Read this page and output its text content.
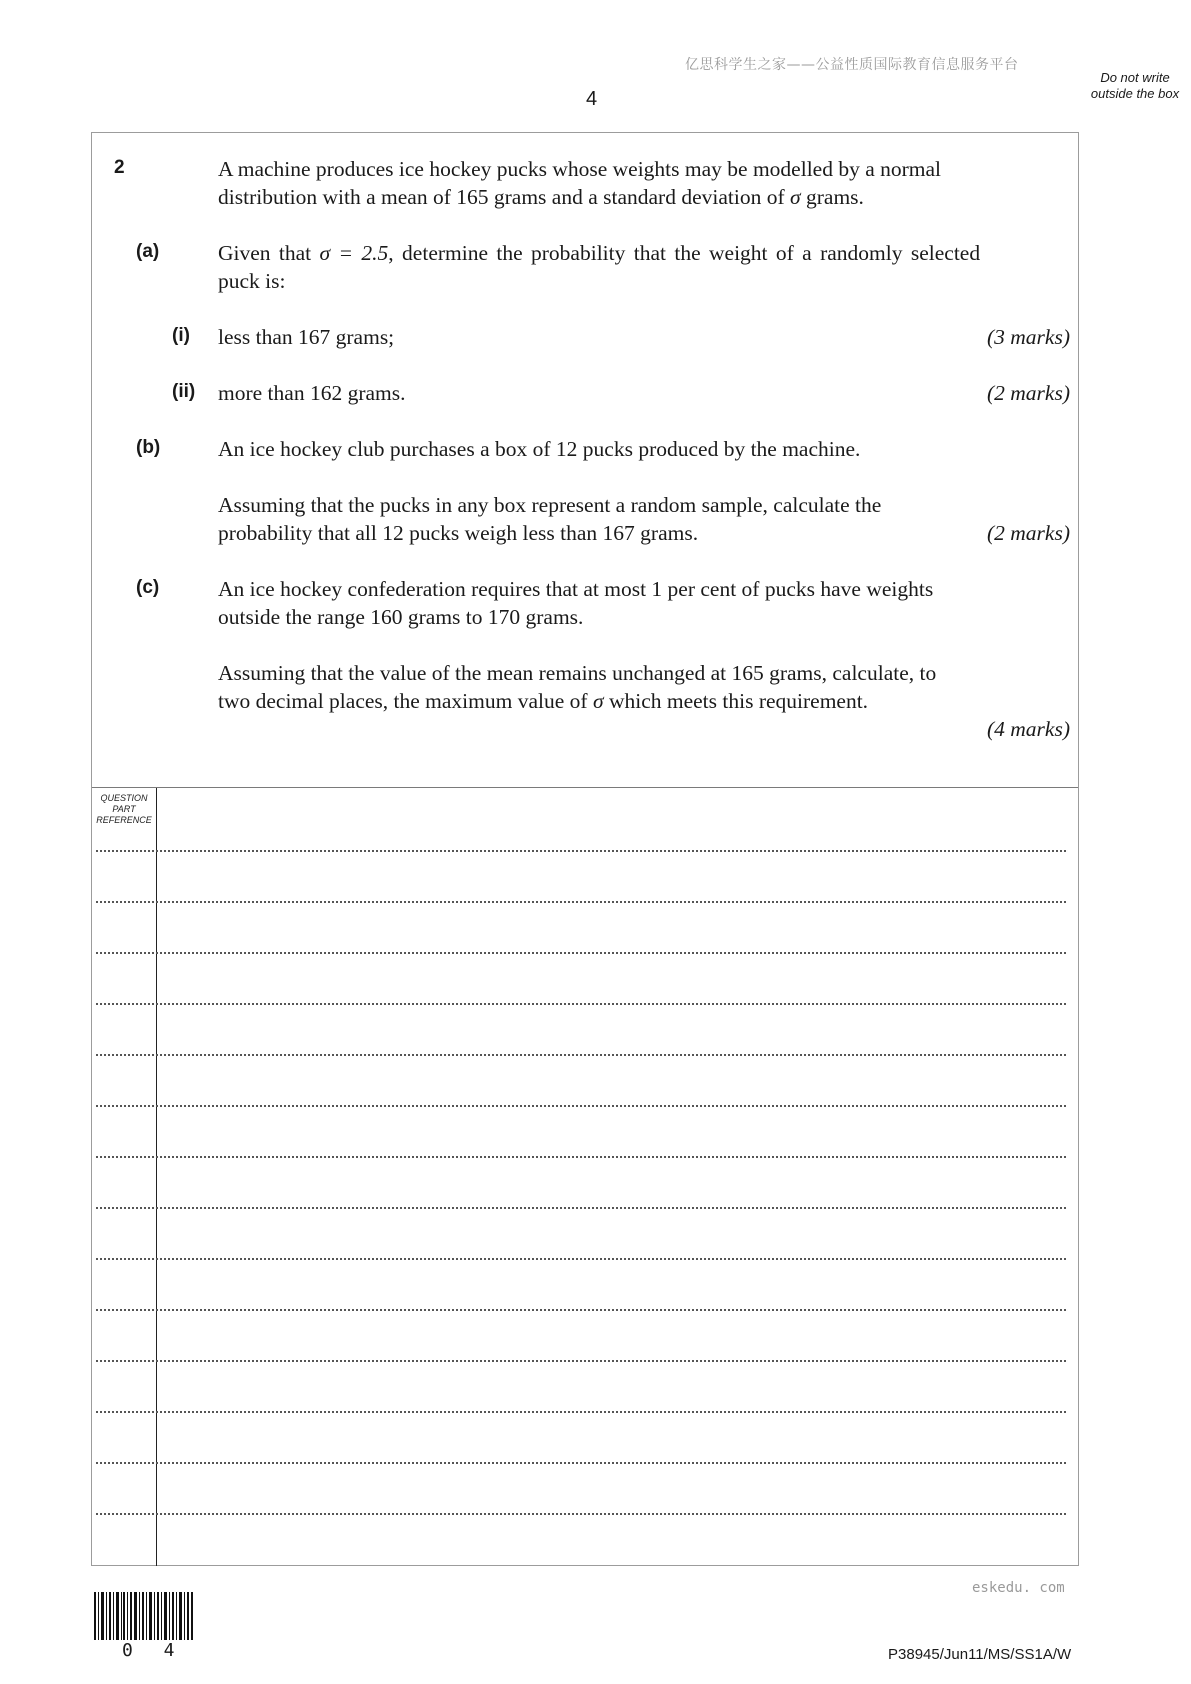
亿思科学生之家——公益性质国际教育信息服务平台
4
Do not write outside the box
2	A machine produces ice hockey pucks whose weights may be modelled by a normal
distribution with a mean of 165 grams and a standard deviation of σ grams.
(a)	Given that σ = 2.5, determine the probability that the weight of a randomly selected
puck is:
(i) less than 167 grams;	(3 marks)
(ii) more than 162 grams.	(2 marks)
(b)	An ice hockey club purchases a box of 12 pucks produced by the machine.
Assuming that the pucks in any box represent a random sample, calculate the
probability that all 12 pucks weigh less than 167 grams.	(2 marks)
(c)	An ice hockey confederation requires that at most 1 per cent of pucks have weights
outside the range 160 grams to 170 grams.
Assuming that the value of the mean remains unchanged at 165 grams, calculate, to
two decimal places, the maximum value of σ which meets this requirement.
(4 marks)
QUESTION
PART
REFERENCE
eskedu. com
0 4	P38945/Jun11/MS/SS1A/W
